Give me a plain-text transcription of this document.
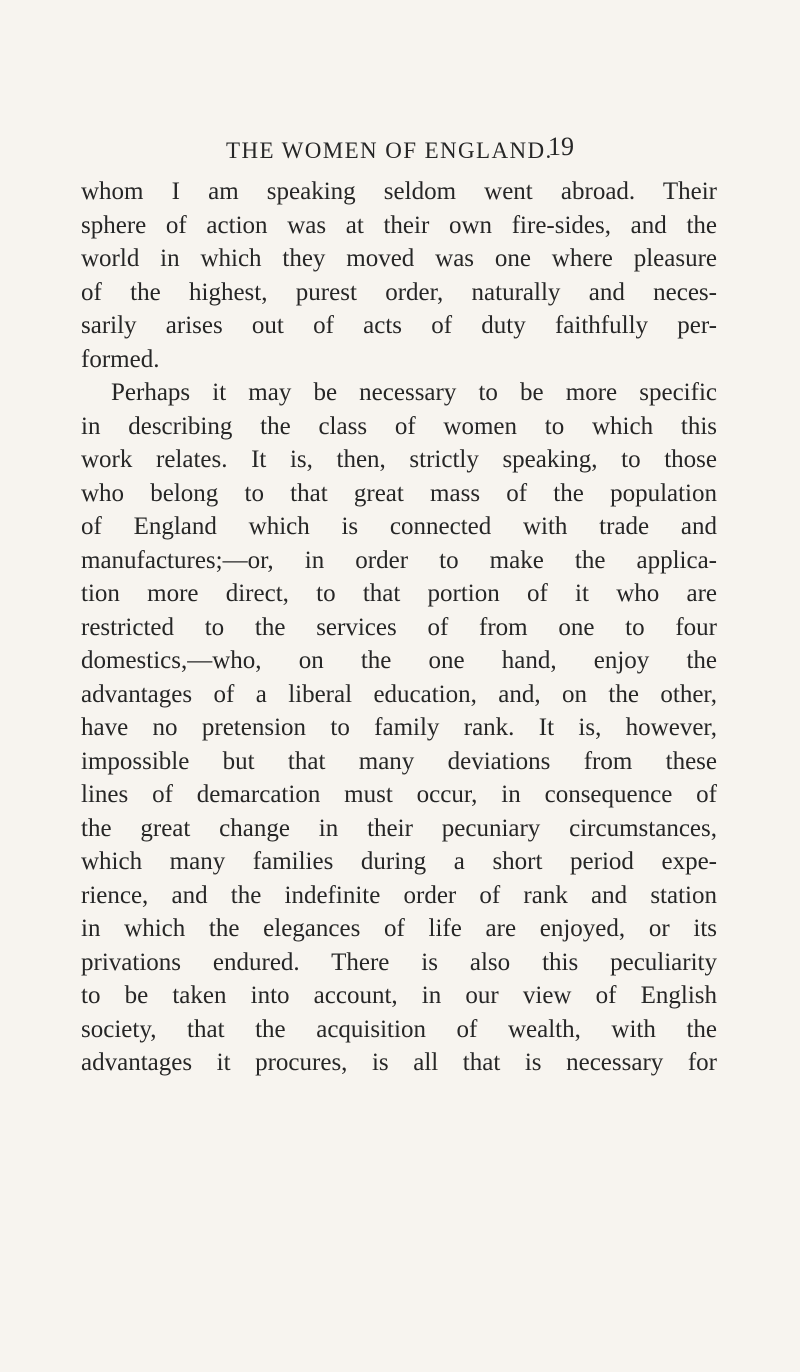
THE WOMEN OF ENGLAND.
19
whom I am speaking seldom went abroad. Their
sphere of action was at their own fire-sides, and the
world in which they moved was one where pleasure
of the highest, purest order, naturally and neces-
sarily arises out of acts of duty faithfully per-
formed.
Perhaps it may be necessary to be more specific
in describing the class of women to which this
work relates. It is, then, strictly speaking, to those
who belong to that great mass of the population
of England which is connected with trade and
manufactures;—or, in order to make the applica-
tion more direct, to that portion of it who are
restricted to the services of from one to four
domestics,—who, on the one hand, enjoy the
advantages of a liberal education, and, on the other,
have no pretension to family rank. It is, however,
impossible but that many deviations from these
lines of demarcation must occur, in consequence of
the great change in their pecuniary circumstances,
which many families during a short period expe-
rience, and the indefinite order of rank and station
in which the elegances of life are enjoyed, or its
privations endured. There is also this peculiarity
to be taken into account, in our view of English
society, that the acquisition of wealth, with the
advantages it procures, is all that is necessary for
